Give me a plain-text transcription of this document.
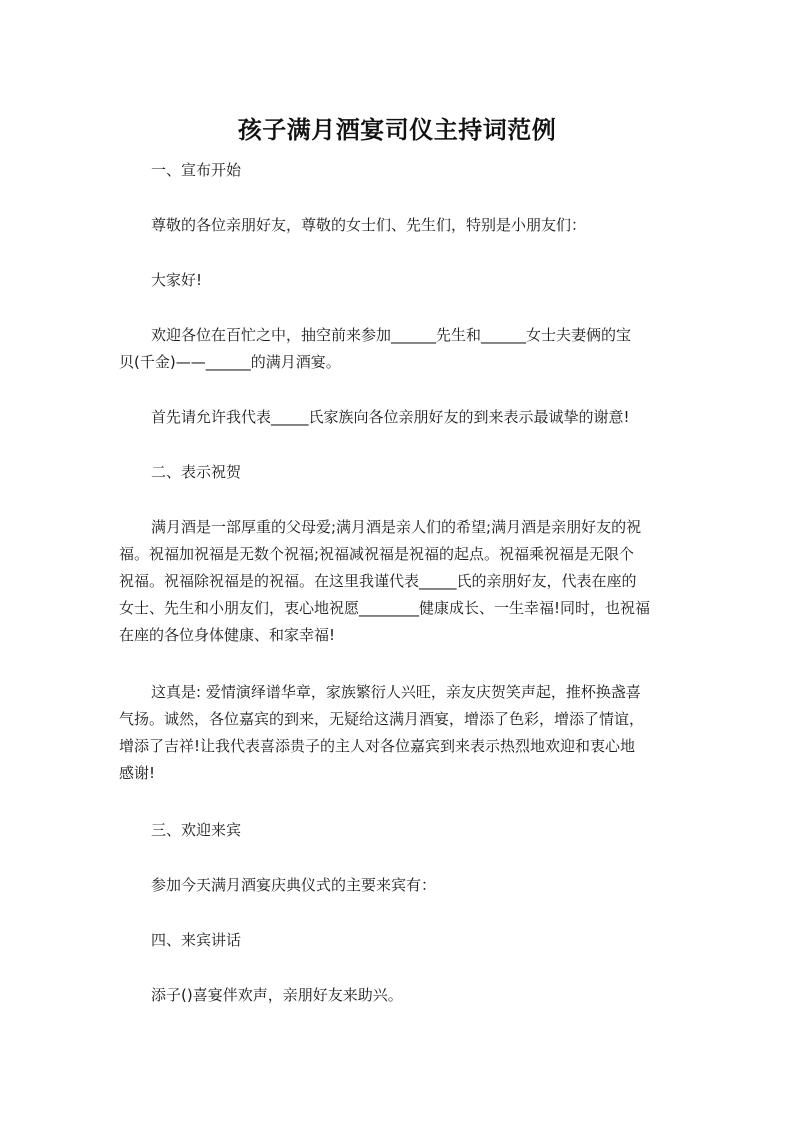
孩子满月酒宴司仪主持词范例
一、宣布开始
尊敬的各位亲朋好友，尊敬的女士们、先生们，特别是小朋友们：
大家好!
欢迎各位在百忙之中，抽空前来参加______先生和______女士夫妻俩的宝
贝(千金)——______的满月酒宴。
首先请允许我代表_____氏家族向各位亲朋好友的到来表示最诚挚的谢意!
二、表示祝贺
满月酒是一部厚重的父母爱;满月酒是亲人们的希望;满月酒是亲朋好友的祝
福。祝福加祝福是无数个祝福;祝福减祝福是祝福的起点。祝福乘祝福是无限个
祝福。祝福除祝福是的祝福。在这里我谨代表_____氏的亲朋好友，代表在座的
女士、先生和小朋友们，衷心地祝愿________健康成长、一生幸福!同时，也祝福
在座的各位身体健康、和家幸福!
这真是: 爱情演绎谱华章，家族繁衍人兴旺，亲友庆贺笑声起，推杯换盏喜
气扬。诚然，各位嘉宾的到来，无疑给这满月酒宴，增添了色彩，增添了情谊，
增添了吉祥!让我代表喜添贵子的主人对各位嘉宾到来表示热烈地欢迎和衷心地
感谢!
三、欢迎来宾
参加今天满月酒宴庆典仪式的主要来宾有：
四、来宾讲话
添子()喜宴伴欢声，亲朋好友来助兴。
